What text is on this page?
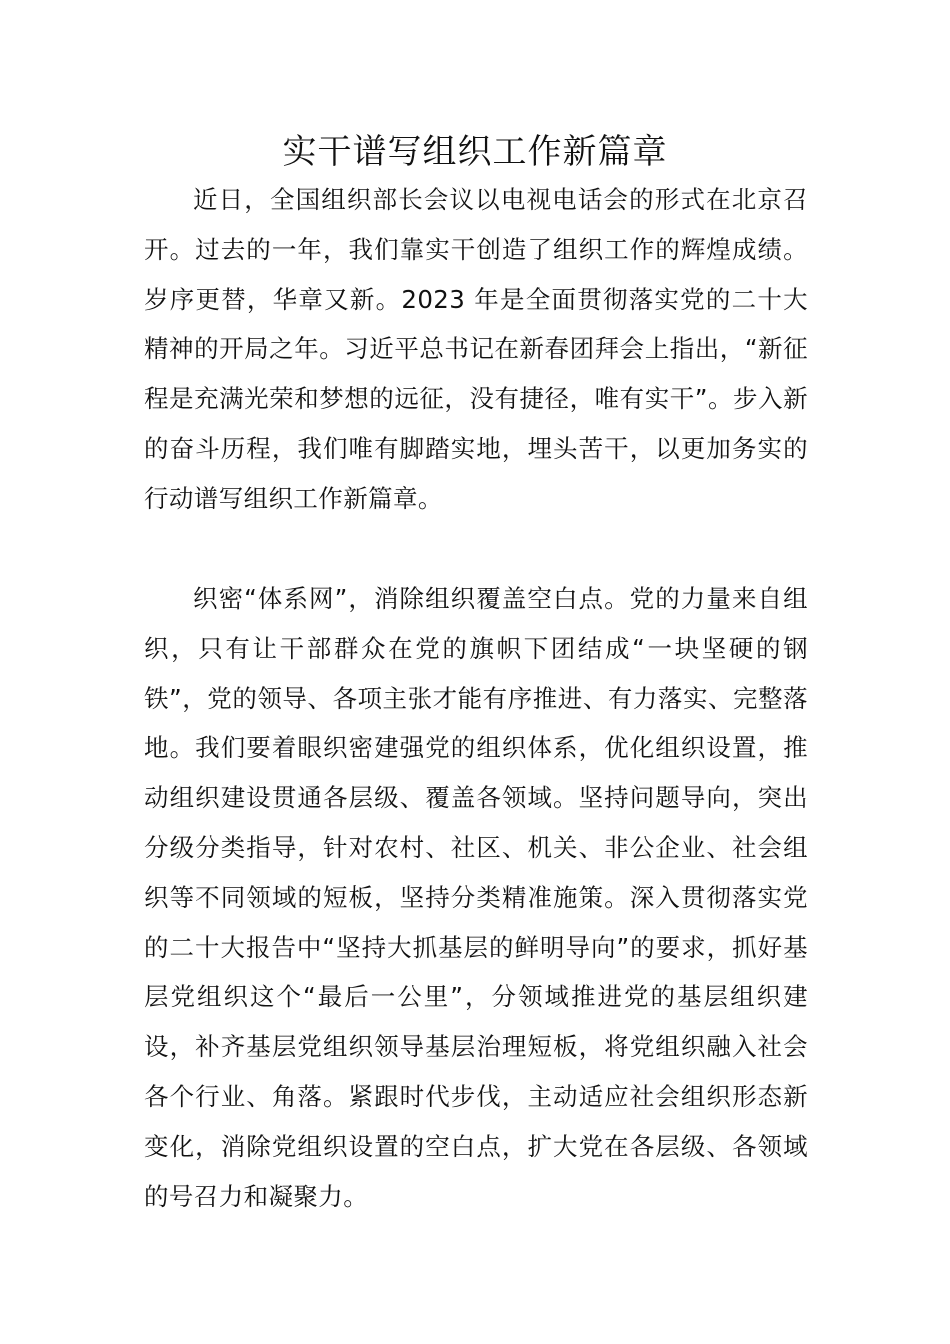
实干谱写组织工作新篇章

近日，全国组织部长会议以电视电话会的形式在北京召开。过去的一年，我们靠实干创造了组织工作的辉煌成绩。岁序更替，华章又新。2023 年是全面贯彻落实党的二十大精神的开局之年。习近平总书记在新春团拜会上指出，“新征程是充满光荣和梦想的远征，没有捷径，唯有实干”。步入新的奋斗历程，我们唯有脚踏实地，埋头苦干，以更加务实的行动谱写组织工作新篇章。

织密“体系网”，消除组织覆盖空白点。党的力量来自组织，只有让干部群众在党的旗帜下团结成“一块坚硬的钢铁”，党的领导、各项主张才能有序推进、有力落实、完整落地。我们要着眼织密建强党的组织体系，优化组织设置，推动组织建设贯通各层级、覆盖各领域。坚持问题导向，突出分级分类指导，针对农村、社区、机关、非公企业、社会组织等不同领域的短板，坚持分类精准施策。深入贯彻落实党的二十大报告中“坚持大抓基层的鲜明导向”的要求，抓好基层党组织这个“最后一公里”，分领域推进党的基层组织建设，补齐基层党组织领导基层治理短板，将党组织融入社会各个行业、角落。紧跟时代步伐，主动适应社会组织形态新变化，消除党组织设置的空白点，扩大党在各层级、各领域的号召力和凝聚力。
